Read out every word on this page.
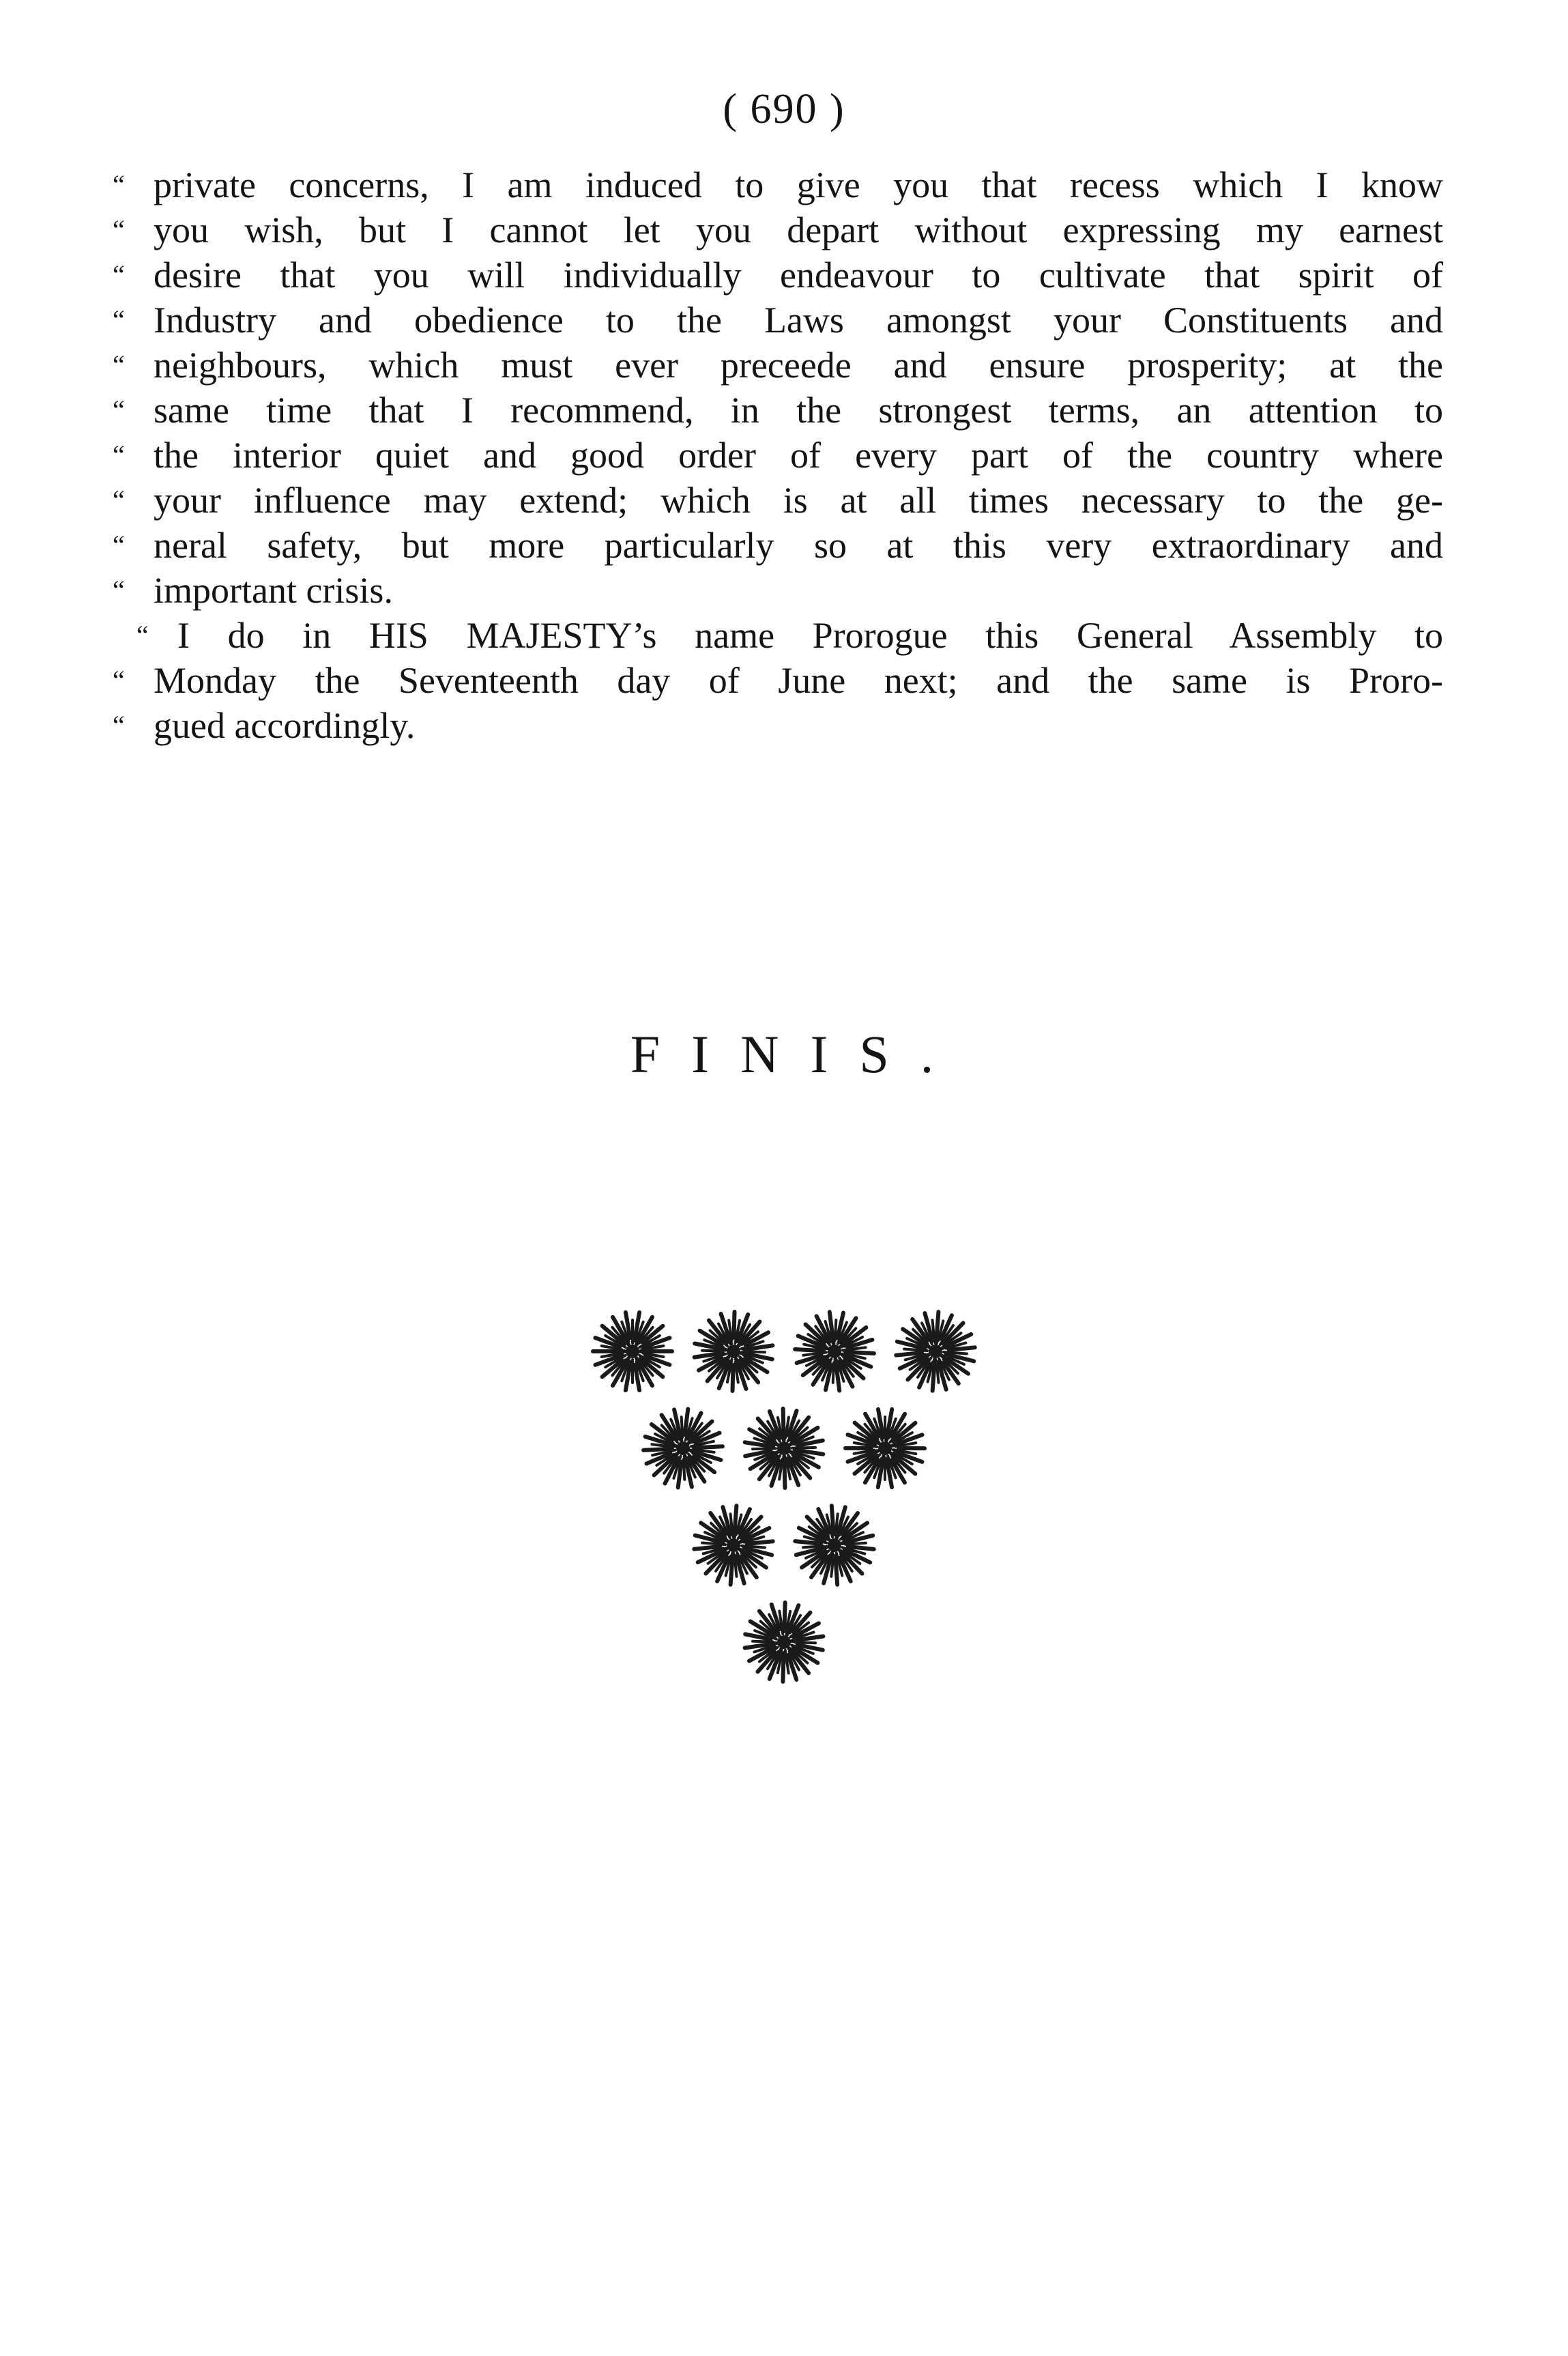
( 690 )
“ private concerns, I am induced to give you that recess which I know
“ you wish, but I cannot let you depart without expressing my earnest
“ desire that you will individually endeavour to cultivate that spirit of
“ Industry and obedience to the Laws amongst your Constituents and
“ neighbours, which must ever preceede and ensure prosperity; at the
“ same time that I recommend, in the strongest terms, an attention to
“ the interior quiet and good order of every part of the country where
“ your influence may extend; which is at all times necessary to the ge-
“ neral safety, but more particularly so at this very extraordinary and
“ important crisis.
“ I do in HIS MAJESTY’s name Prorogue this General Assembly to
“ Monday the Seventeenth day of June next; and the same is Proro-
“ gued accordingly.
FINIS.
